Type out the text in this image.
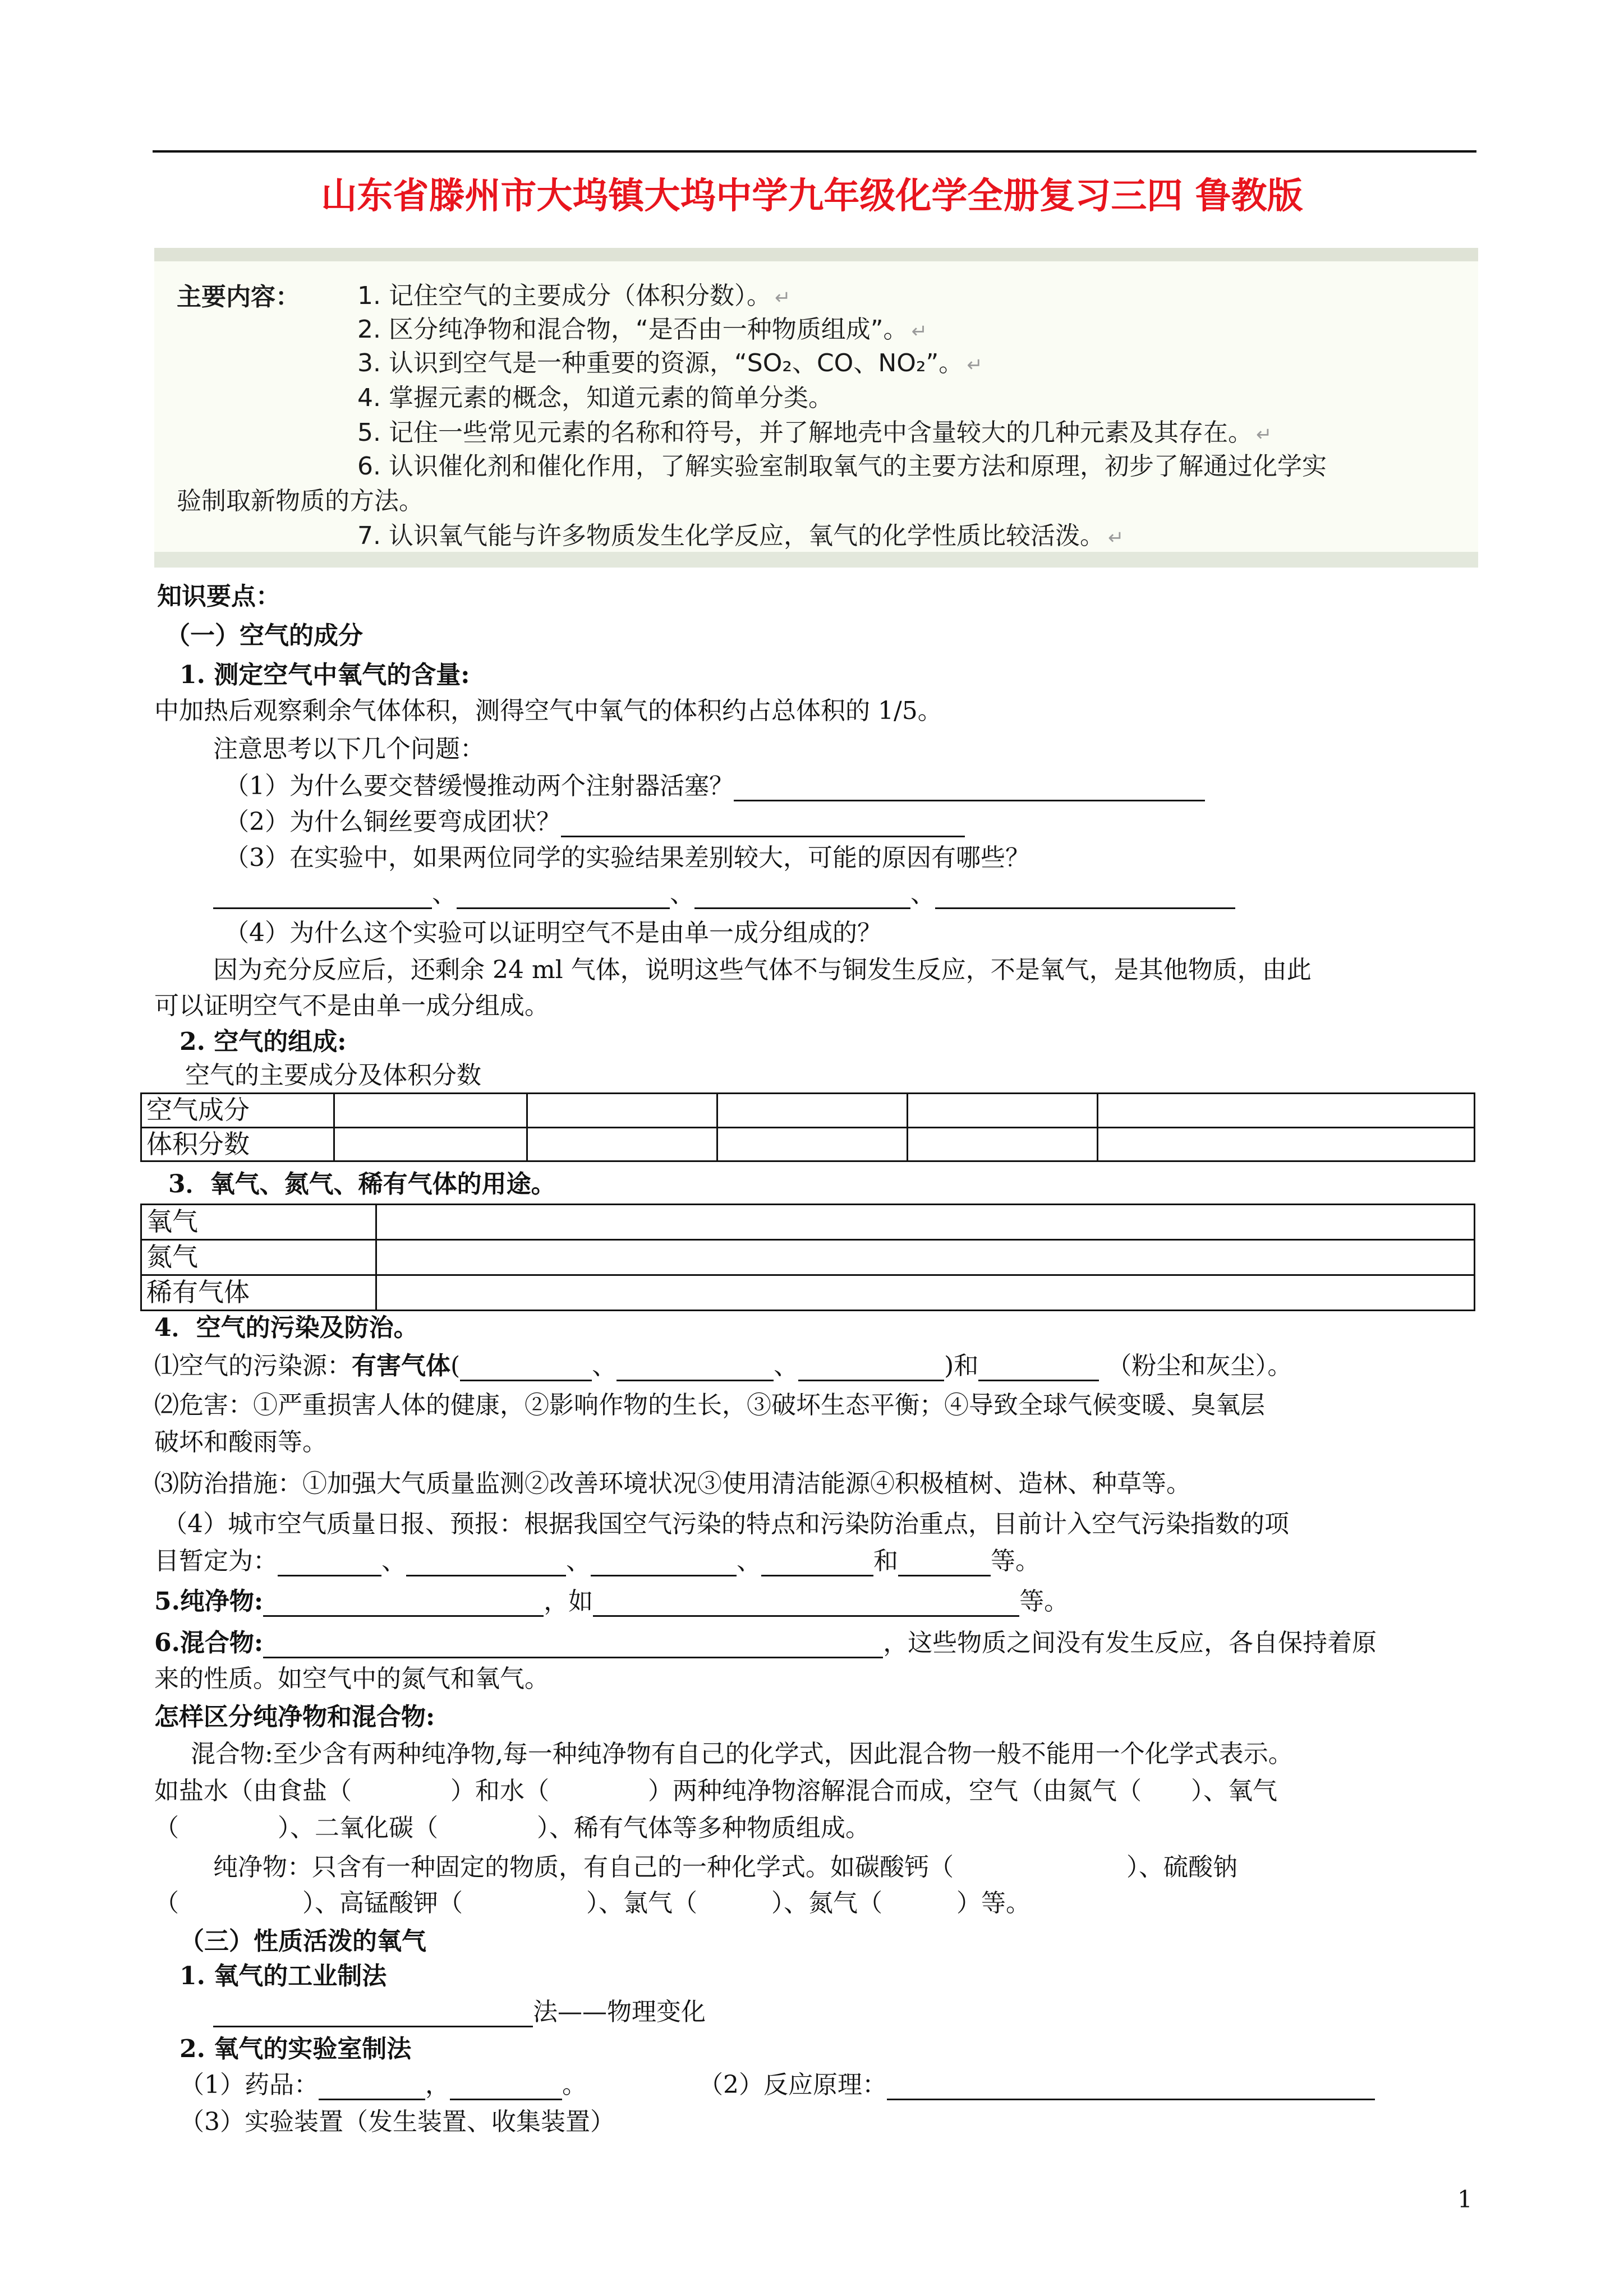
山东省滕州市大坞镇大坞中学九年级化学全册复习三四 鲁教版
主要内容： 1. 记住空气的主要成分（体积分数）。 ↵
2. 区分纯净物和混合物，“是否由一种物质组成”。 ↵
3. 认识到空气是一种重要的资源，“SO₂、CO、NO₂”。 ↵
4. 掌握元素的概念，知道元素的简单分类。
5. 记住一些常见元素的名称和符号，并了解地壳中含量较大的几种元素及其存在。 ↵
6. 认识催化剂和催化作用，了解实验室制取氧气的主要方法和原理，初步了解通过化学实
验制取新物质的方法。
7. 认识氧气能与许多物质发生化学反应，氧气的化学性质比较活泼。 ↵
知识要点：
（一）空气的成分
1. 测定空气中氧气的含量:
中加热后观察剩余气体体积，测得空气中氧气的体积约占总体积的 1/5。
注意思考以下几个问题：
（1）为什么要交替缓慢推动两个注射器活塞？
（2）为什么铜丝要弯成团状？
（3）在实验中，如果两位同学的实验结果差别较大，可能的原因有哪些？
、	、	、
（4）为什么这个实验可以证明空气不是由单一成分组成的？
因为充分反应后，还剩余 24 ml 气体，说明这些气体不与铜发生反应，不是氧气，是其他物质，由此
可以证明空气不是由单一成分组成。
2. 空气的组成:
空气的主要成分及体积分数
空气成分					
体积分数					
3．氧气、氮气、稀有气体的用途。
氧气	
氮气	
稀有气体	
4．空气的污染及防治。
⑴空气的污染源：有害气体(	、	、	)和	（粉尘和灰尘）。
⑵危害：①严重损害人体的健康，②影响作物的生长，③破坏生态平衡；④导致全球气候变暖、臭氧层
破坏和酸雨等。
⑶防治措施：①加强大气质量监测②改善环境状况③使用清洁能源④积极植树、造林、种草等。
（4）城市空气质量日报、预报：根据我国空气污染的特点和污染防治重点，目前计入空气污染指数的项
目暂定为：	、	、	、	和	等。
5.纯净物:	，如	等。
6.混合物:	，这些物质之间没有发生反应，各自保持着原
来的性质。如空气中的氮气和氧气。
怎样区分纯净物和混合物:
混合物:至少含有两种纯净物,每一种纯净物有自己的化学式，因此混合物一般不能用一个化学式表示。
如盐水（由食盐（　　　　）和水（　　　　）两种纯净物溶解混合而成，空气（由氮气（　　）、氧气
（　　　　）、二氧化碳（　　　　）、稀有气体等多种物质组成。
纯净物：只含有一种固定的物质，有自己的一种化学式。如碳酸钙（　　　　　　　）、硫酸钠
（　　　　　）、高锰酸钾（　　　　　）、氯气（　　　）、氮气（　　　）等。
（三）性质活泼的氧气
1. 氧气的工业制法
法——物理变化
2. 氧气的实验室制法
（1）药品：	，	。	（2）反应原理：
（3）实验装置（发生装置、收集装置）
1
